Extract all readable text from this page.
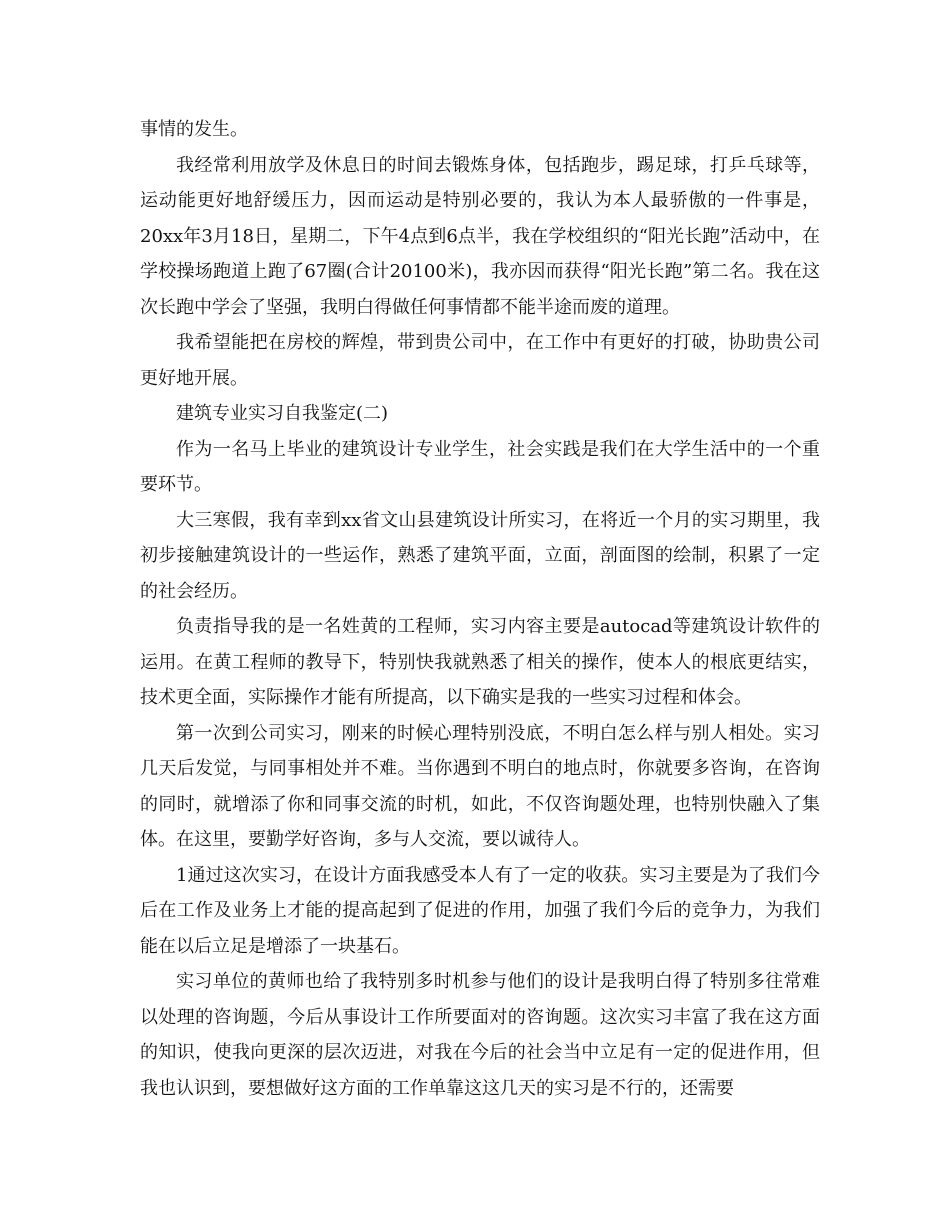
事情的发生。

我经常利用放学及休息日的时间去锻炼身体，包括跑步，踢足球，打乒乓球等，运动能更好地舒缓压力，因而运动是特别必要的，我认为本人最骄傲的一件事是，20xx年3月18日，星期二，下午4点到6点半，我在学校组织的“阳光长跑”活动中，在学校操场跑道上跑了67圈(合计20100米)，我亦因而获得“阳光长跑”第二名。我在这次长跑中学会了坚强，我明白得做任何事情都不能半途而废的道理。

我希望能把在房校的辉煌，带到贵公司中，在工作中有更好的打破，协助贵公司更好地开展。

建筑专业实习自我鉴定(二)

作为一名马上毕业的建筑设计专业学生，社会实践是我们在大学生活中的一个重要环节。

大三寒假，我有幸到xx省文山县建筑设计所实习，在将近一个月的实习期里，我初步接触建筑设计的一些运作，熟悉了建筑平面，立面，剖面图的绘制，积累了一定的社会经历。

负责指导我的是一名姓黄的工程师，实习内容主要是autocad等建筑设计软件的运用。在黄工程师的教导下，特别快我就熟悉了相关的操作，使本人的根底更结实，技术更全面，实际操作才能有所提高，以下确实是我的一些实习过程和体会。

第一次到公司实习，刚来的时候心理特别没底，不明白怎么样与别人相处。实习几天后发觉，与同事相处并不难。当你遇到不明白的地点时，你就要多咨询，在咨询的同时，就增添了你和同事交流的时机，如此，不仅咨询题处理，也特别快融入了集体。在这里，要勤学好咨询，多与人交流，要以诚待人。

1通过这次实习，在设计方面我感受本人有了一定的收获。实习主要是为了我们今后在工作及业务上才能的提高起到了促进的作用，加强了我们今后的竞争力，为我们能在以后立足是增添了一块基石。

实习单位的黄师也给了我特别多时机参与他们的设计是我明白得了特别多往常难以处理的咨询题，今后从事设计工作所要面对的咨询题。这次实习丰富了我在这方面的知识，使我向更深的层次迈进，对我在今后的社会当中立足有一定的促进作用，但我也认识到，要想做好这方面的工作单靠这这几天的实习是不行的，还需要
